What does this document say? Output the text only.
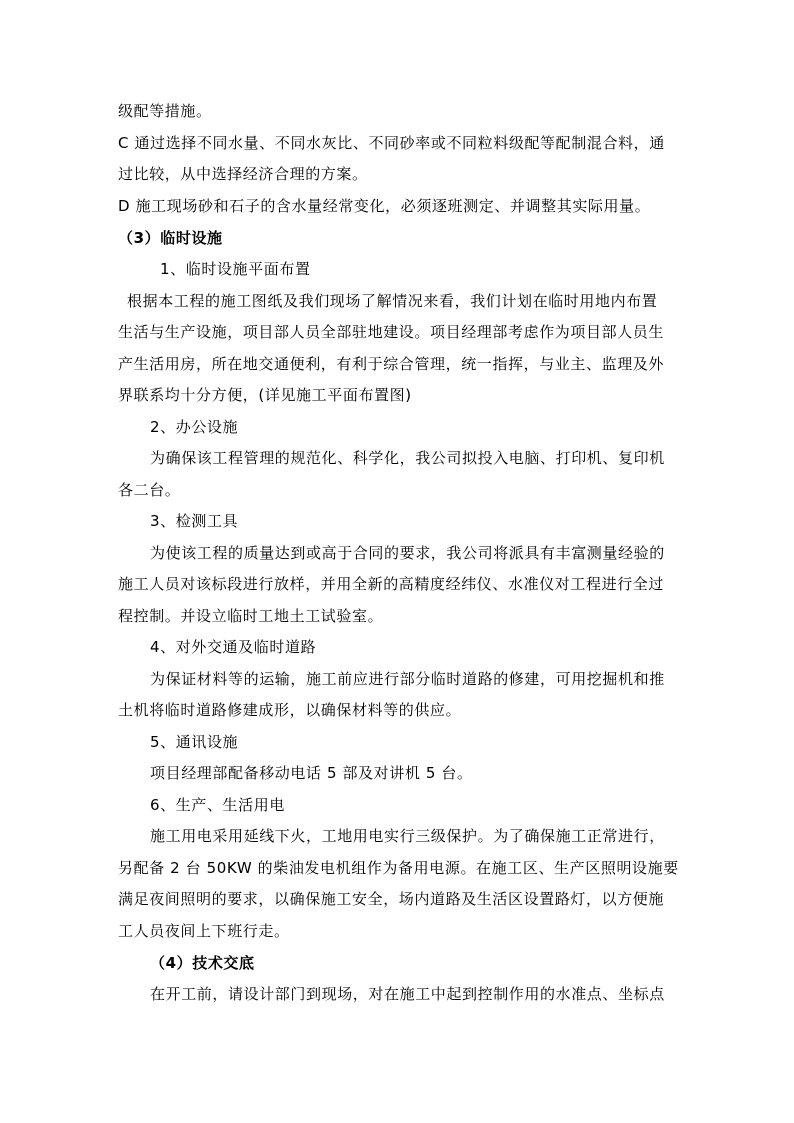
级配等措施。
C 通过选择不同水量、不同水灰比、不同砂率或不同粒料级配等配制混合料，通
过比较，从中选择经济合理的方案。
D 施工现场砂和石子的含水量经常变化，必须逐班测定、并调整其实际用量。
（3）临时设施
1、临时设施平面布置
根据本工程的施工图纸及我们现场了解情况来看，我们计划在临时用地内布置
生活与生产设施，项目部人员全部驻地建设。项目经理部考虑作为项目部人员生
产生活用房，所在地交通便利，有利于综合管理，统一指挥，与业主、监理及外
界联系均十分方便，(详见施工平面布置图)
2、办公设施
为确保该工程管理的规范化、科学化，我公司拟投入电脑、打印机、复印机
各二台。
3、检测工具
为使该工程的质量达到或高于合同的要求，我公司将派具有丰富测量经验的
施工人员对该标段进行放样，并用全新的高精度经纬仪、水准仪对工程进行全过
程控制。并设立临时工地土工试验室。
4、对外交通及临时道路
为保证材料等的运输，施工前应进行部分临时道路的修建，可用挖掘机和推
土机将临时道路修建成形，以确保材料等的供应。
5、通讯设施
项目经理部配备移动电话 5 部及对讲机 5 台。
6、生产、生活用电
施工用电采用延线下火，工地用电实行三级保护。为了确保施工正常进行，
另配备 2 台 50KW 的柴油发电机组作为备用电源。在施工区、生产区照明设施要
满足夜间照明的要求，以确保施工安全，场内道路及生活区设置路灯，以方便施
工人员夜间上下班行走。
（4）技术交底
在开工前，请设计部门到现场，对在施工中起到控制作用的水准点、坐标点
